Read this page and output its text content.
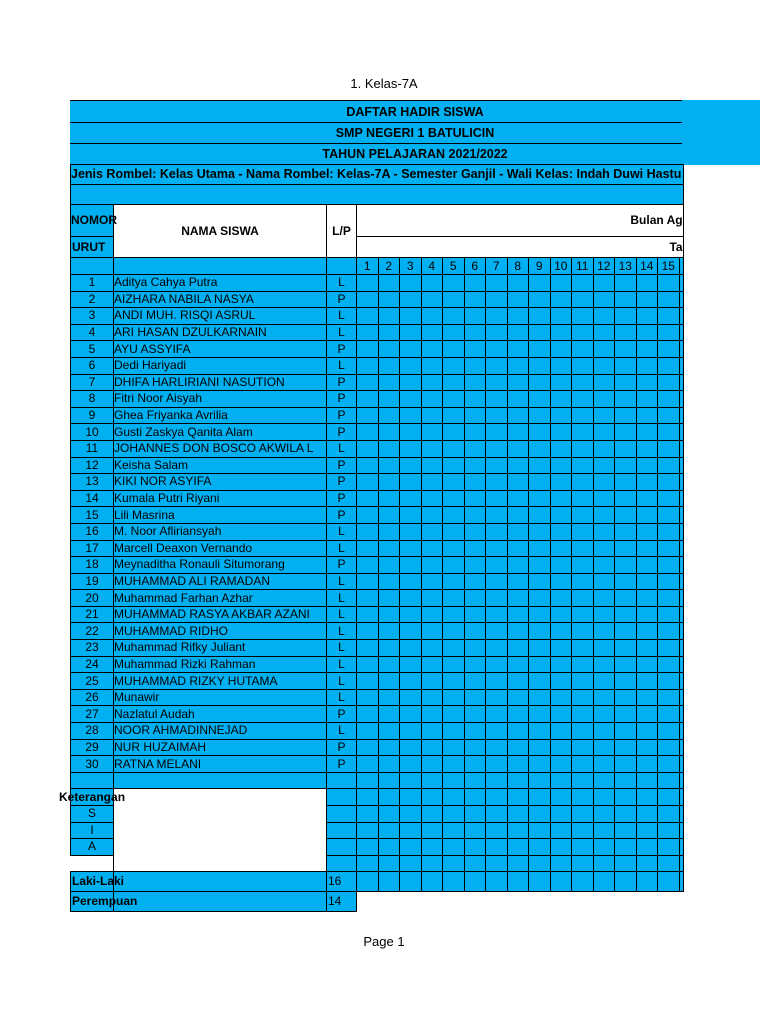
1. Kelas-7A
DAFTAR HADIR SISWA
SMP NEGERI 1 BATULICIN
TAHUN PELAJARAN 2021/2022
Jenis Rombel: Kelas Utama - Nama Rombel: Kelas-7A - Semester Ganjil - Wali Kelas: Indah Duwi Hastu																		

NOMOR	NAMA SISWA	L/P	Bulan Ag															
URUT			Ta															
			1	2	3	4	5	6	7	8	9	10	11	12	13	14	15	
1	Aditya Cahya Putra	L																
2	AIZHARA NABILA NASYA	P																
3	ANDI MUH. RISQI ASRUL	L																
4	ARI HASAN DZULKARNAIN	L																
5	AYU ASSYIFA	P																
6	Dedi Hariyadi	L																
7	DHIFA HARLIRIANI NASUTION	P																
8	Fitri Noor Aisyah	P																
9	Ghea Friyanka Avrilia	P																
10	Gusti Zaskya Qanita Alam	P																
11	JOHANNES DON BOSCO AKWILA L	L																
12	Keisha Salam	P																
13	KIKI NOR ASYIFA	P																
14	Kumala Putri Riyani	P																
15	Lili Masrina	P																
16	M. Noor Afliriansyah	L																
17	Marcell Deaxon Vernando	L																
18	Meynaditha Ronauli Situmorang	P																
19	MUHAMMAD ALI RAMADAN	L																
20	Muhammad Farhan Azhar	L																
21	MUHAMMAD RASYA AKBAR AZANI	L																
22	MUHAMMAD RIDHO	L																
23	Muhammad Rifky Juliant	L																
24	Muhammad Rizki Rahman	L																
25	MUHAMMAD RIZKY HUTAMA	L																
26	Munawir	L																
27	Nazlatul Audah	P																
28	NOOR AHMADINNEJAD	L																
29	NUR HUZAIMAH	P																
30	RATNA MELANI	P																

Keterangan																		
S																		
I																		
A																		

Laki-Laki		16																
Perempuan		14																
Page 1
